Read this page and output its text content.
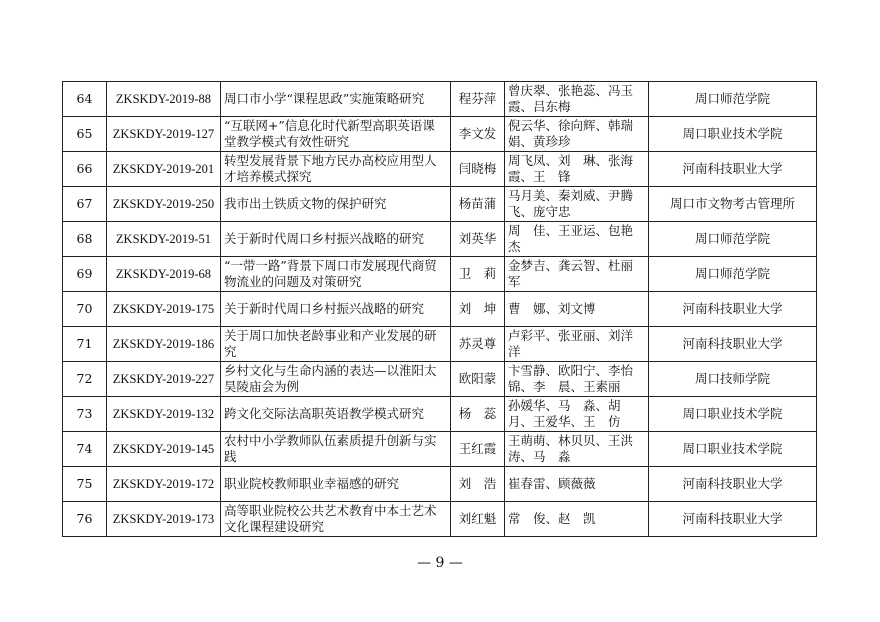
64	ZKSKDY-2019-88	周口市小学“课程思政”实施策略研究	程芬萍	曾庆翠、张艳蕊、冯玉霞、吕东梅	周口师范学院
65	ZKSKDY-2019-127	“互联网+”信息化时代新型高职英语课堂教学模式有效性研究	李文发	倪云华、徐向辉、韩瑞娟、黄珍珍	周口职业技术学院
66	ZKSKDY-2019-201	转型发展背景下地方民办高校应用型人才培养模式探究	闫晓梅	周飞凤、刘　琳、张海霞、王　锋	河南科技职业大学
67	ZKSKDY-2019-250	我市出土铁质文物的保护研究	杨苗蒲	马月美、秦刘威、尹腾飞、庞守忠	周口市文物考古管理所
68	ZKSKDY-2019-51	关于新时代周口乡村振兴战略的研究	刘英华	周　佳、王亚运、包艳杰	周口师范学院
69	ZKSKDY-2019-68	“一带一路”背景下周口市发展现代商贸物流业的问题及对策研究	卫　莉	金梦吉、龚云智、杜丽军	周口师范学院
70	ZKSKDY-2019-175	关于新时代周口乡村振兴战略的研究	刘　坤	曹　娜、刘文博	河南科技职业大学
71	ZKSKDY-2019-186	关于周口加快老龄事业和产业发展的研究	苏灵尊	卢彩平、张亚丽、刘洋洋	河南科技职业大学
72	ZKSKDY-2019-227	乡村文化与生命内涵的表达—以淮阳太昊陵庙会为例	欧阳蒙	卞雪静、欧阳宁、李怡锦、李　晨、王素丽	周口技师学院
73	ZKSKDY-2019-132	跨文化交际法高职英语教学模式研究	杨　蕊	孙媛华、马　淼、胡　月、王爱华、王　仿	周口职业技术学院
74	ZKSKDY-2019-145	农村中小学教师队伍素质提升创新与实践	王红霞	王萌萌、林贝贝、王洪涛、马　淼	周口职业技术学院
75	ZKSKDY-2019-172	职业院校教师职业幸福感的研究	刘　浩	崔春雷、顾薇薇	河南科技职业大学
76	ZKSKDY-2019-173	高等职业院校公共艺术教育中本土艺术文化课程建设研究	刘红魁	常　俊、赵　凯	河南科技职业大学
— 9 —
